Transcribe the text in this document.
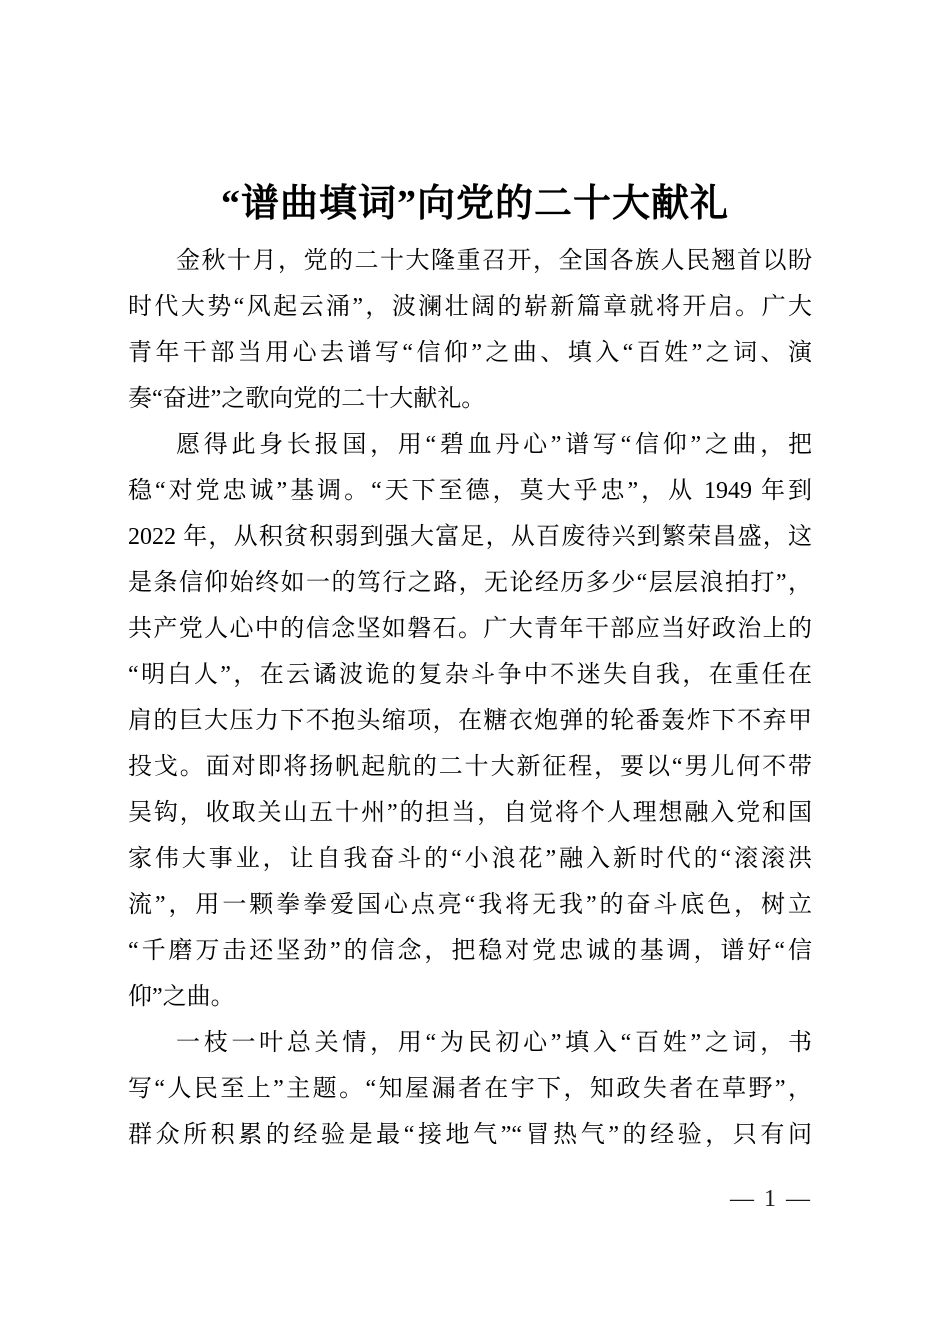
“谱曲填词”向党的二十大献礼
金秋十月，党的二十大隆重召开，全国各族人民翘首以盼
时代大势“风起云涌”，波澜壮阔的崭新篇章就将开启。广大
青年干部当用心去谱写“信仰”之曲、填入“百姓”之词、演
奏“奋进”之歌向党的二十大献礼。
愿得此身长报国，用“碧血丹心”谱写“信仰”之曲，把
稳“对党忠诚”基调。“天下至德，莫大乎忠”，从 1949 年到
2022 年，从积贫积弱到强大富足，从百废待兴到繁荣昌盛，这
是条信仰始终如一的笃行之路，无论经历多少“层层浪拍打”，
共产党人心中的信念坚如磐石。广大青年干部应当好政治上的
“明白人”，在云谲波诡的复杂斗争中不迷失自我，在重任在
肩的巨大压力下不抱头缩项，在糖衣炮弹的轮番轰炸下不弃甲
投戈。面对即将扬帆起航的二十大新征程，要以“男儿何不带
吴钩，收取关山五十州”的担当，自觉将个人理想融入党和国
家伟大事业，让自我奋斗的“小浪花”融入新时代的“滚滚洪
流”，用一颗拳拳爱国心点亮“我将无我”的奋斗底色，树立
“千磨万击还坚劲”的信念，把稳对党忠诚的基调，谱好“信
仰”之曲。
一枝一叶总关情，用“为民初心”填入“百姓”之词，书
写“人民至上”主题。“知屋漏者在宇下，知政失者在草野”，
群众所积累的经验是最“接地气”“冒热气”的经验，只有问
— 1 —
